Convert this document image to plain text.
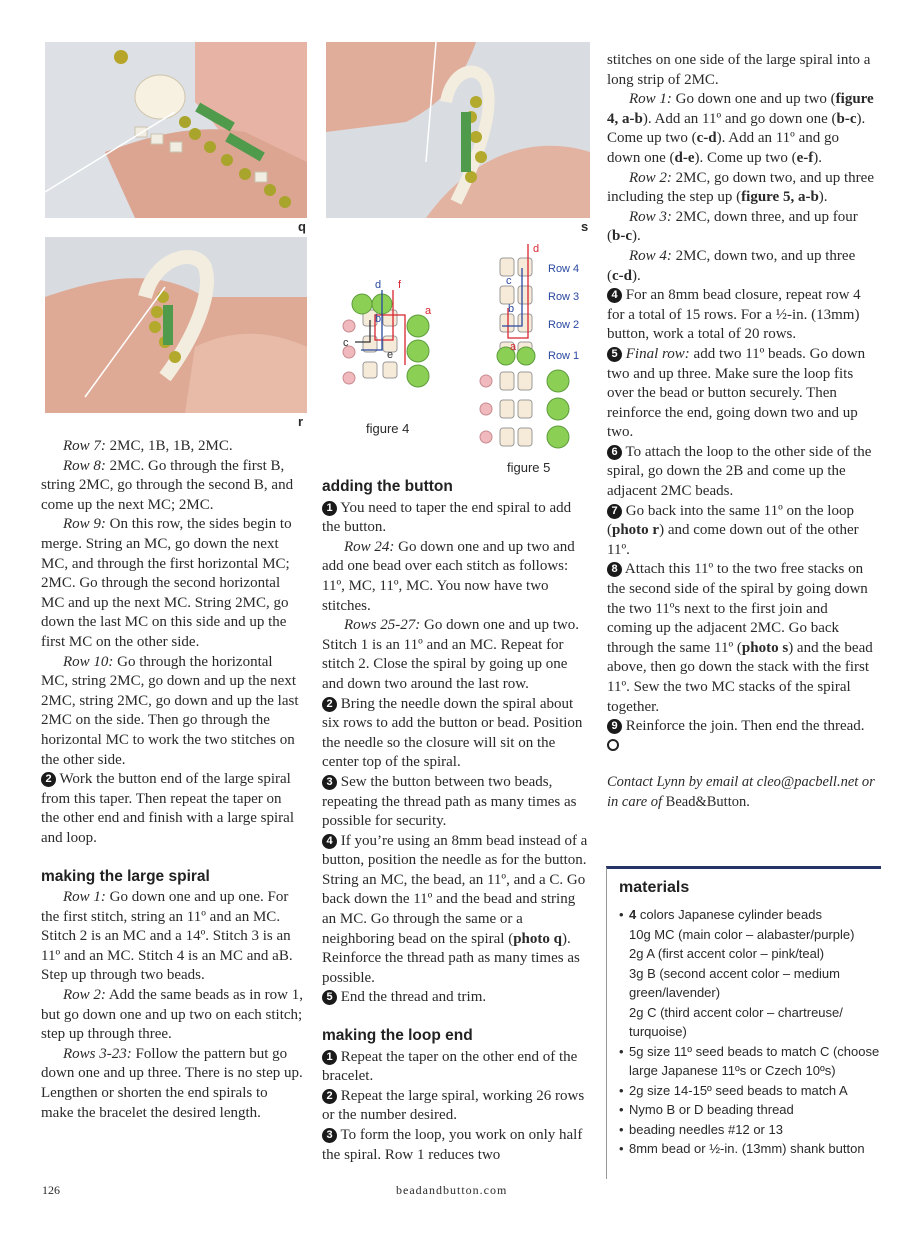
q
r
s
a
f
b
d
c
e
figure 4
d
c
b
a
Row 4
Row 3
Row 2
Row 1
figure 5

Row 7: 2MC, 1B, 1B, 2MC.

Row 8: 2MC. Go through the first B, string 2MC, go through the second B, and come up the next MC; 2MC.

Row 9: On this row, the sides begin to merge. String an MC, go down the next MC, and through the first horizontal MC; 2MC. Go through the second horizontal MC and up the next MC. String 2MC, go down the last MC on this side and up the first MC on the other side.

Row 10: Go through the horizontal MC, string 2MC, go down and up the next 2MC, string 2MC, go down and up the last 2MC on the side. Then go through the horizontal MC to work the two stitches on the other side.

2 Work the button end of the large spiral from this taper. Then repeat the taper on the other end and finish with a large spiral and loop.

making the large spiral

Row 1: Go down one and up one. For the first stitch, string an 11º and an MC. Stitch 2 is an MC and a 14º. Stitch 3 is an 11º and an MC. Stitch 4 is an MC and aB. Step up through two beads.

Row 2: Add the same beads as in row 1, but go down one and up two on each stitch; step up through three.

Rows 3-23: Follow the pattern but go down one and up three. There is no step up. Lengthen or shorten the end spirals to make the bracelet the desired length.

adding the button

1 You need to taper the end spiral to add the button.

Row 24: Go down one and up two and add one bead over each stitch as follows: 11º, MC, 11º, MC. You now have two stitches.

Rows 25-27: Go down one and up two. Stitch 1 is an 11º and an MC. Repeat for stitch 2. Close the spiral by going up one and down two around the last row.

2 Bring the needle down the spiral about six rows to add the button or bead. Position the needle so the closure will sit on the center top of the spiral.

3 Sew the button between two beads, repeating the thread path as many times as possible for security.

4 If you’re using an 8mm bead instead of a button, position the needle as for the button. String an MC, the bead, an 11º, and a C. Go back down the 11º and the bead and string an MC. Go through the same or a neighboring bead on the spiral (photo q). Reinforce the thread path as many times as possible.

5 End the thread and trim.

making the loop end

1 Repeat the taper on the other end of the bracelet.

2 Repeat the large spiral, working 26 rows or the number desired.

3 To form the loop, you work on only half the spiral. Row 1 reduces two

stitches on one side of the large spiral into a long strip of 2MC.

Row 1: Go down one and up two (figure 4, a-b). Add an 11º and go down one (b-c). Come up two (c-d). Add an 11º and go down one (d-e). Come up two (e-f).

Row 2: 2MC, go down two, and up three including the step up (figure 5, a-b).

Row 3: 2MC, down three, and up four (b-c).

Row 4: 2MC, down two, and up three (c-d).

4 For an 8mm bead closure, repeat row 4 for a total of 15 rows. For a ½-in. (13mm) button, work a total of 20 rows.

5 Final row: add two 11º beads. Go down two and up three. Make sure the loop fits over the bead or button securely. Then reinforce the end, going down two and up two.

6 To attach the loop to the other side of the spiral, go down the 2B and come up the adjacent 2MC beads.

7 Go back into the same 11º on the loop (photo r) and come down out of the other 11º.

8 Attach this 11º to the two free stacks on the second side of the spiral by going down the two 11ºs next to the first join and coming up the adjacent 2MC. Go back through the same 11º (photo s) and the bead above, then go down the stack with the first 11º. Sew the two MC stacks of the spiral together.

9 Reinforce the join. Then end the thread.

Contact Lynn by email at cleo@pacbell.net or in care of Bead&Button.

materials
• 4 colors Japanese cylinder beads
10g MC (main color – alabaster/purple)
2g A (first accent color – pink/teal)
3g B (second accent color – medium green/lavender)
2g C (third accent color – chartreuse/ turquoise)
• 5g size 11º seed beads to match C (choose large Japanese 11ºs or Czech 10ºs)
• 2g size 14-15º seed beads to match A
• Nymo B or D beading thread
• beading needles #12 or 13
• 8mm bead or ½-in. (13mm) shank button
126	beadandbutton.com
